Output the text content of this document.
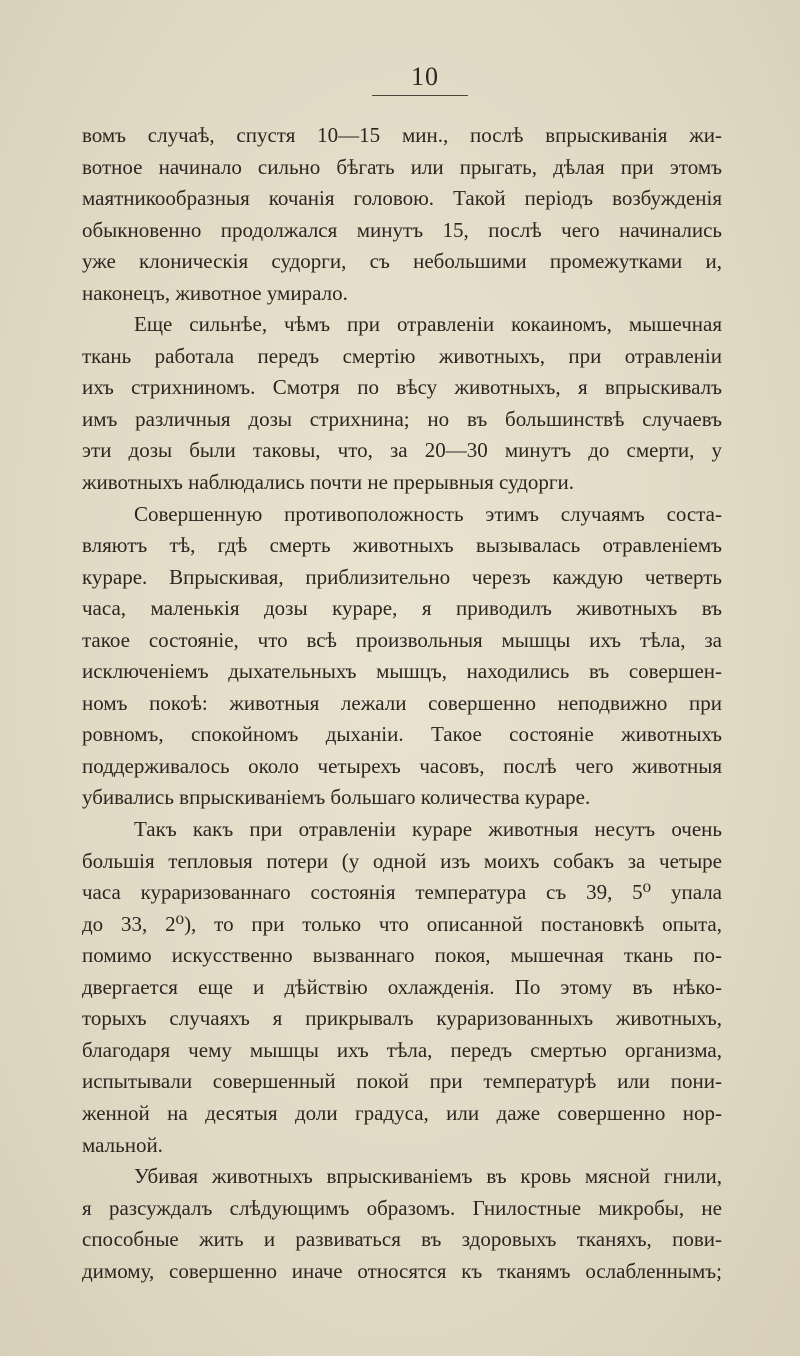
10
вомъ случаѣ, спустя 10—15 мин., послѣ впрыскиванія жи-
вотное начинало сильно бѣгать или прыгать, дѣлая при этомъ
маятникообразныя кочанія головою. Такой періодъ возбужденія
обыкновенно продолжался минутъ 15, послѣ чего начинались
уже клоническія судорги, съ небольшими промежутками и,
наконецъ, животное умирало.
Еще сильнѣе, чѣмъ при отравленіи кокаиномъ, мышечная
ткань работала передъ смертію животныхъ, при отравленіи
ихъ стрихниномъ. Смотря по вѣсу животныхъ, я впрыскивалъ
имъ различныя дозы стрихнина; но въ большинствѣ случаевъ
эти дозы были таковы, что, за 20—30 минутъ до смерти, у
животныхъ наблюдались почти не прерывныя судорги.
Совершенную противоположность этимъ случаямъ соста-
вляютъ тѣ, гдѣ смерть животныхъ вызывалась отравленіемъ
кураре. Впрыскивая, приблизительно черезъ каждую четверть
часа, маленькія дозы кураре, я приводилъ животныхъ въ
такое состояніе, что всѣ произвольныя мышцы ихъ тѣла, за
исключеніемъ дыхательныхъ мышцъ, находились въ совершен-
номъ покоѣ: животныя лежали совершенно неподвижно при
ровномъ, спокойномъ дыханіи. Такое состояніе животныхъ
поддерживалось около четырехъ часовъ, послѣ чего животныя
убивались впрыскиваніемъ большаго количества кураре.
Такъ какъ при отравленіи кураре животныя несутъ очень
большія тепловыя потери (у одной изъ моихъ собакъ за четыре
часа кураризованнаго состоянія температура съ 39, 5⁰ упала
до 33, 2⁰), то при только что описанной постановкѣ опыта,
помимо искусственно вызваннаго покоя, мышечная ткань по-
двергается еще и дѣйствію охлажденія. По этому въ нѣко-
торыхъ случаяхъ я прикрывалъ кураризованныхъ животныхъ,
благодаря чему мышцы ихъ тѣла, передъ смертью организма,
испытывали совершенный покой при температурѣ или пони-
женной на десятыя доли градуса, или даже совершенно нор-
мальной.
Убивая животныхъ впрыскиваніемъ въ кровь мясной гнили,
я разсуждалъ слѣдующимъ образомъ. Гнилостные микробы, не
способные жить и развиваться въ здоровыхъ тканяхъ, пови-
димому, совершенно иначе относятся къ тканямъ ослабленнымъ;
